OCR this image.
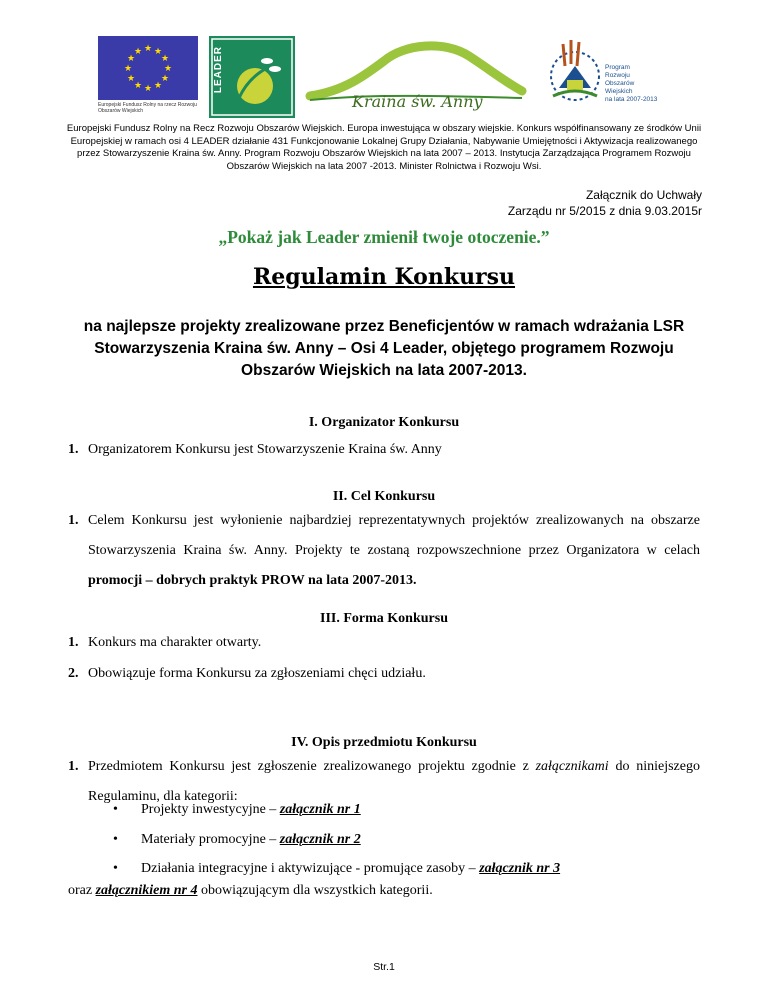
★ ★
★
★
★
★
★
★
★
★
★
★
Europejski Fundusz Rolny na rzecz Rozwoju Obszarów Wiejskich
LEADER
Kraina św. Anny
Program
Rozwoju
Obszarów
Wiejskich
na lata 2007-2013
Europejski Fundusz Rolny na Recz Rozwoju Obszarów Wiejskich. Europa inwestująca w obszary wiejskie. Konkurs współfinansowany ze środków Unii Europejskiej w ramach osi 4 LEADER działanie 431 Funkcjonowanie Lokalnej Grupy Działania, Nabywanie Umiejętności i Aktywizacja realizowanego przez Stowarzyszenie Kraina św. Anny. Program Rozwoju Obszarów Wiejskich na lata 2007 – 2013. Instytucja Zarządzająca Programem Rozwoju Obszarów Wiejskich na lata 2007 -2013. Minister Rolnictwa i Rozwoju Wsi.
Załącznik do Uchwały
Zarządu nr 5/2015 z dnia 9.03.2015r
„Pokaż jak Leader zmienił twoje otoczenie.”
Regulamin Konkursu
na najlepsze projekty zrealizowane przez Beneficjentów w ramach wdrażania LSR Stowarzyszenia Kraina św. Anny – Osi 4 Leader, objętego programem Rozwoju Obszarów Wiejskich na lata 2007-2013.
I. Organizator Konkursu
1. Organizatorem Konkursu jest Stowarzyszenie Kraina św. Anny
II. Cel Konkursu
1. Celem Konkursu jest wyłonienie najbardziej reprezentatywnych projektów zrealizowanych na obszarze Stowarzyszenia Kraina św. Anny. Projekty te zostaną rozpowszechnione przez Organizatora w celach promocji – dobrych praktyk PROW na lata 2007-2013.
III. Forma Konkursu
1. Konkurs ma charakter otwarty.
2. Obowiązuje forma Konkursu za zgłoszeniami chęci udziału.
IV. Opis przedmiotu Konkursu
1. Przedmiotem Konkursu jest zgłoszenie zrealizowanego projektu zgodnie z załącznikami do niniejszego Regulaminu, dla kategorii:
• Projekty inwestycyjne – załącznik nr 1
• Materiały promocyjne – załącznik nr 2
• Działania integracyjne i aktywizujące - promujące zasoby – załącznik nr 3
oraz załącznikiem nr 4 obowiązującym dla wszystkich kategorii.
Str.1
